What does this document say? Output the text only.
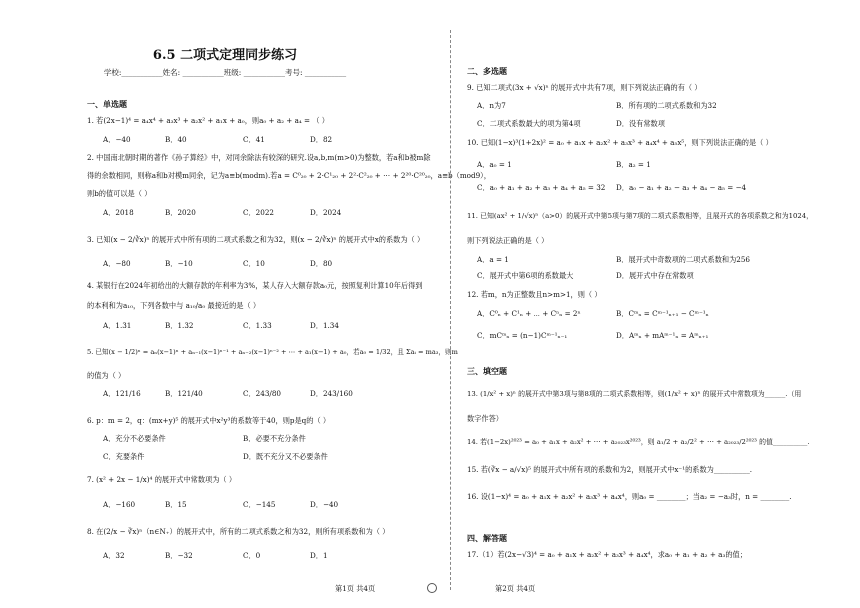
6.5 二项式定理同步练习
学校:___________姓名: ___________班级: ___________考号: ___________
一、单选题
1. 若(2x−1)⁴ = a₄x⁴ + a₃x³ + a₂x² + a₁x + a₀，则a₀ + a₂ + a₄ = （ ）
A．−40	B．40	C．41	D．82
2. 中国南北朝时期的著作《孙子算经》中，对同余除法有较深的研究.设a,b,m(m>0)为整数，若a和b被m除
得的余数相同，则称a和b对模m同余，记为a≡b(modm).若a = C⁰₂₀ + 2·C¹₂₀ + 2²·C²₂₀ + ⋯ + 2²⁰·C²⁰₂₀，a≡b（mod9），
则b的值可以是（ ）
A．2018	B．2020	C．2022	D．2024
3. 已知(x − 2/∛x)ⁿ 的展开式中所有项的二项式系数之和为32，则(x − 2/∛x)ⁿ 的展开式中x的系数为（ ）
A．−80	B．−10	C．10	D．80
4. 某银行在2024年初给出的大额存款的年利率为3%，某人存入大额存款a₀元，按照复利计算10年后得到
的本利和为a₁₀，下列各数中与 a₁₀/a₀ 最接近的是（ ）
A．1.31	B．1.32	C．1.33	D．1.34
5. 已知(x − 1/2)ⁿ = aₙ(x−1)ⁿ + aₙ₋₁(x−1)ⁿ⁻¹ + aₙ₋₂(x−1)ⁿ⁻² + ⋯ + a₁(x−1) + a₀，若a₀ = 1/32，且 Σaᵢ = ma₃，则m
的值为（ ）
A．121/16	B．121/40	C．243/80	D．243/160
6. p：m = 2，q：(mx+y)⁵ 的展开式中x²y³的系数等于40，则p是q的（ ）
A．充分不必要条件	B．必要不充分条件
C．充要条件	D．既不充分又不必要条件
7. (x² + 2x − 1/x)⁴ 的展开式中常数项为（ ）
A．−160	B．15	C．−145	D．−40
8. 在(2/x − ∛x)ⁿ（n∈N₊）的展开式中，所有的二项式系数之和为32，则所有项系数和为（ ）
A．32	B．−32	C．0	D．1
第1页 共4页
二、多选题
9. 已知二项式(3x + √x)ⁿ 的展开式中共有7项，则下列说法正确的有（ ）
A．n为7	B．所有项的二项式系数和为32
C．二项式系数最大的项为第4项	D．没有常数项
10. 已知(1−x)³(1+2x)² = a₀ + a₁x + a₂x² + a₃x³ + a₄x⁴ + a₅x⁵，则下列说法正确的是（ ）
A．a₀ = 1	B．a₂ = 1
C．a₀ + a₁ + a₂ + a₃ + a₄ + a₅ = 32 D．a₀ − a₁ + a₂ − a₃ + a₄ − a₅ = −4
11. 已知(ax² + 1/√x)ⁿ（a>0）的展开式中第5项与第7项的二项式系数相等，且展开式的各项系数之和为1024，
则下列说法正确的是（ ）
A．a = 1	B．展开式中奇数项的二项式系数和为256
C．展开式中第6项的系数最大	D．展开式中存在常数项
12. 若m，n为正整数且n>m>1，则（ ）
A．C⁰ₙ + C¹ₙ + ⋯ + Cⁿₙ = 2ⁿ	B．Cᵐₙ = Cᵐ⁻¹ₙ₊₁ − Cᵐ⁻¹ₙ
C．mCᵐₙ = (n−1)Cᵐ⁻¹ₙ₋₁	D．Aᵐₙ + mAᵐ⁻¹ₙ = Aᵐₙ₊₁
三、填空题
13. (1/x² + x)ⁿ 的展开式中第3项与第8项的二项式系数相等，则(1/x² + x)ⁿ 的展开式中常数项为______.（用
数字作答）
14. 若(1−2x)²⁰²³ = a₀ + a₁x + a₂x² + ⋯ + a₂₀₂₃x²⁰²³，则 a₁/2 + a₂/2² + ⋯ + a₂₀₂₃/2²⁰²³ 的值__________.
15. 若(∛x − a/√x)⁵ 的展开式中所有项的系数和为2，则展开式中x⁻¹的系数为__________.
16. 设(1−x)⁴ = a₀ + a₁x + a₂x² + a₃x³ + a₄x⁴，则a₀ = ________；当a₂ = −a₃时，n = ________.
四、解答题
17.（1）若(2x−√3)⁴ = a₀ + a₁x + a₂x² + a₃x³ + a₄x⁴，求a₀ + a₁ + a₂ + a₃的值；
第2页 共4页
